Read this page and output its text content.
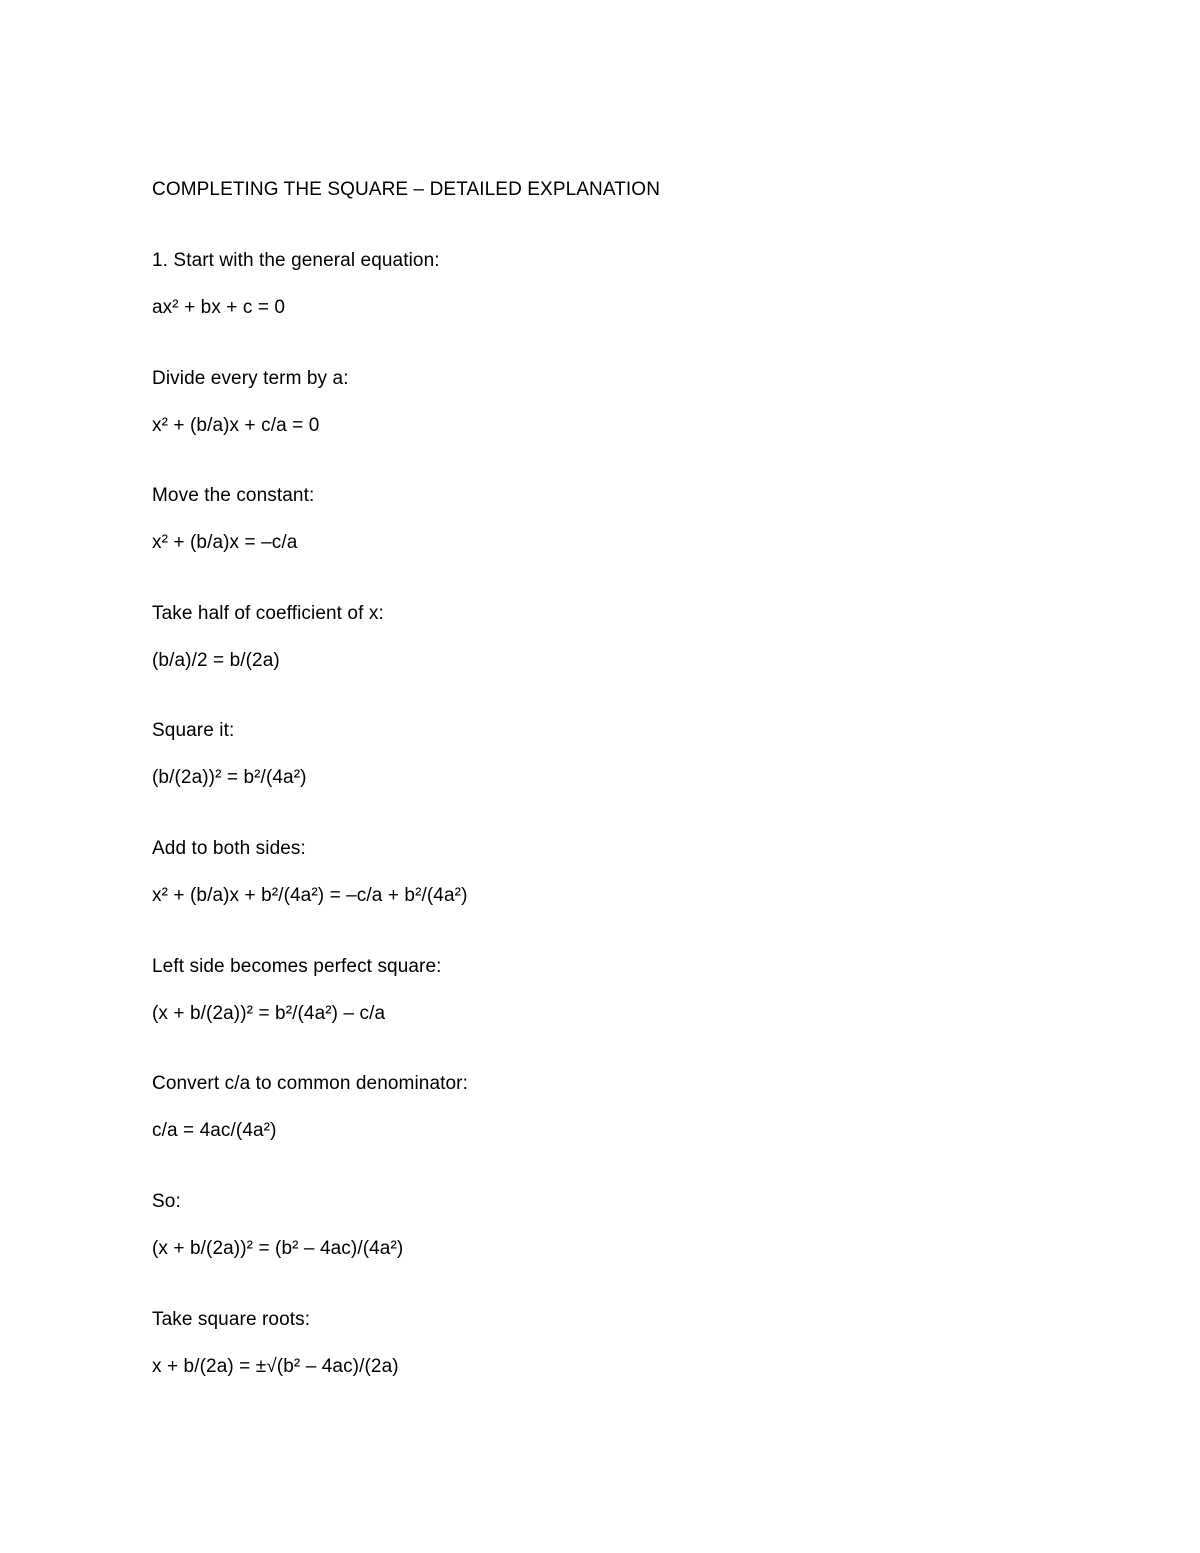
COMPLETING THE SQUARE – DETAILED EXPLANATION
1. Start with the general equation:
ax² + bx + c = 0
Divide every term by a:
x² + (b/a)x + c/a = 0
Move the constant:
x² + (b/a)x = –c/a
Take half of coefficient of x:
(b/a)/2 = b/(2a)
Square it:
(b/(2a))² = b²/(4a²)
Add to both sides:
x² + (b/a)x + b²/(4a²) = –c/a + b²/(4a²)
Left side becomes perfect square:
(x + b/(2a))² = b²/(4a²) – c/a
Convert c/a to common denominator:
c/a = 4ac/(4a²)
So:
(x + b/(2a))² = (b² – 4ac)/(4a²)
Take square roots:
x + b/(2a) = ±√(b² – 4ac)/(2a)
